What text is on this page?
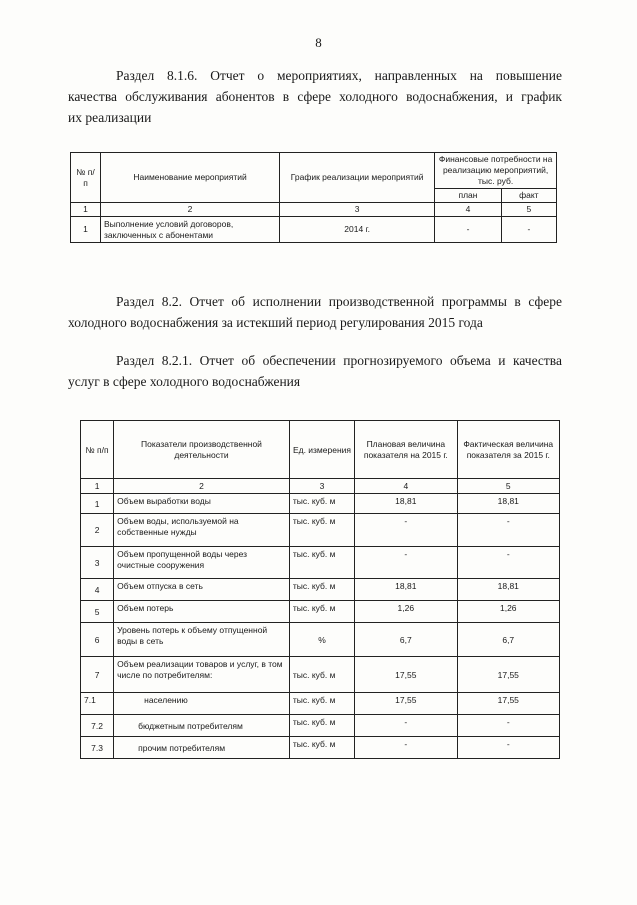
8
Раздел 8.1.6. Отчет о мероприятиях, направленных на повышение
качества обслуживания абонентов в сфере холодного водоснабжения, и график
их реализации
№ п/п	Наименование мероприятий	График реализации мероприятий	Финансовые потребности на реализацию мероприятий, тыс. руб.	
			план	факт
1	2	3	4	5
1	Выполнение условий договоров, заключенных с абонентами	2014 г.	-	-
Раздел 8.2. Отчет об исполнении производственной программы в сфере
холодного водоснабжения за истекший период регулирования 2015 года
Раздел 8.2.1. Отчет об обеспечении прогнозируемого объема и качества
услуг в сфере холодного водоснабжения
№ п/п	Показатели производственной деятельности	Ед. измерения	Плановая величина показателя на 2015 г.	Фактическая величина показателя за 2015 г.
1	2	3	4	5
1	Объем выработки воды	тыс. куб. м	18,81	18,81
2	Объем воды, используемой на собственные нужды	тыс. куб. м	-	-
3	Объем пропущенной воды через очистные сооружения	тыс. куб. м	-	-
4	Объем отпуска в сеть	тыс. куб. м	18,81	18,81
5	Объем потерь	тыс. куб. м	1,26	1,26
6	Уровень потерь к объему отпущенной воды в сеть	%	6,7	6,7
7	Объем реализации товаров и услуг, в том числе по потребителям:	тыс. куб. м	17,55	17,55
7.1	населению	тыс. куб. м	17,55	17,55
7.2	бюджетным потребителям	тыс. куб. м	-	-
7.3	прочим потребителям	тыс. куб. м	-	-
